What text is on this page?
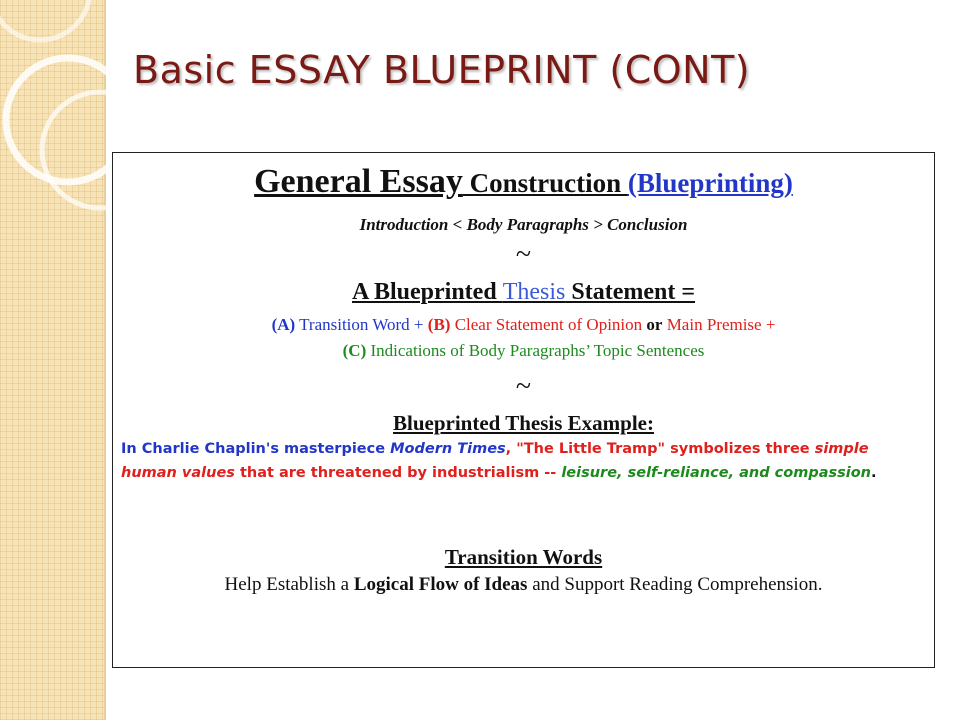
Basic ESSAY BLUEPRINT (CONT)
General Essay Construction (Blueprinting)
Introduction < Body Paragraphs > Conclusion
~
A Blueprinted Thesis Statement =
(A) Transition Word + (B) Clear Statement of Opinion or Main Premise +
(C) Indications of Body Paragraphs’ Topic Sentences
~
Blueprinted Thesis Example:
In Charlie Chaplin's masterpiece Modern Times, "The Little Tramp" symbolizes three simple human values that are threatened by industrialism -- leisure, self-reliance, and compassion.
Transition Words
Help Establish a Logical Flow of Ideas and Support Reading Comprehension.
